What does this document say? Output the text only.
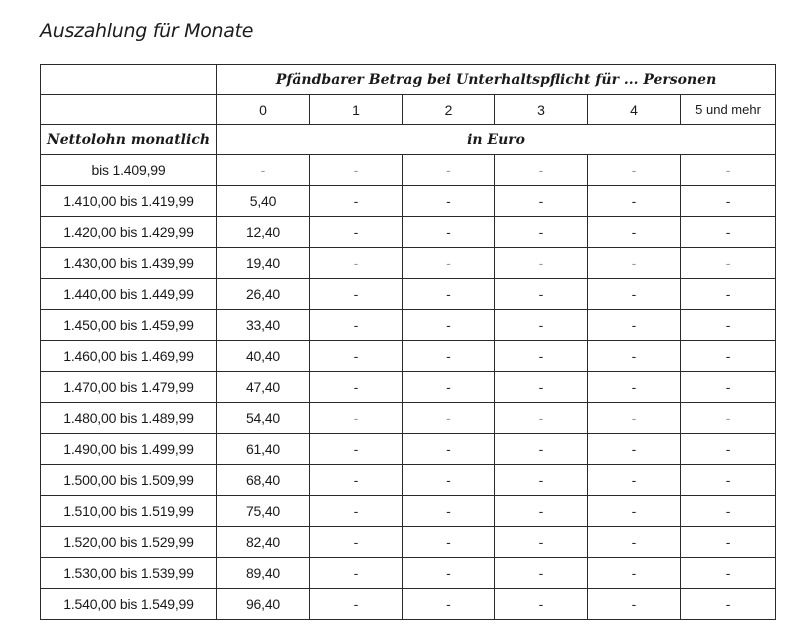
Auszahlung für Monate
	Pfändbarer Betrag bei Unterhaltspflicht für ... Personen					
	0	1	2	3	4	5 und mehr
Nettolohn monatlich	in Euro					
bis 1.409,99	-	-	-	-	-	-
1.410,00 bis 1.419,99	5,40	-	-	-	-	-
1.420,00 bis 1.429,99	12,40	-	-	-	-	-
1.430,00 bis 1.439,99	19,40	-	-	-	-	-
1.440,00 bis 1.449,99	26,40	-	-	-	-	-
1.450,00 bis 1.459,99	33,40	-	-	-	-	-
1.460,00 bis 1.469,99	40,40	-	-	-	-	-
1.470,00 bis 1.479,99	47,40	-	-	-	-	-
1.480,00 bis 1.489,99	54,40	-	-	-	-	-
1.490,00 bis 1.499,99	61,40	-	-	-	-	-
1.500,00 bis 1.509,99	68,40	-	-	-	-	-
1.510,00 bis 1.519,99	75,40	-	-	-	-	-
1.520,00 bis 1.529,99	82,40	-	-	-	-	-
1.530,00 bis 1.539,99	89,40	-	-	-	-	-
1.540,00 bis 1.549,99	96,40	-	-	-	-	-
